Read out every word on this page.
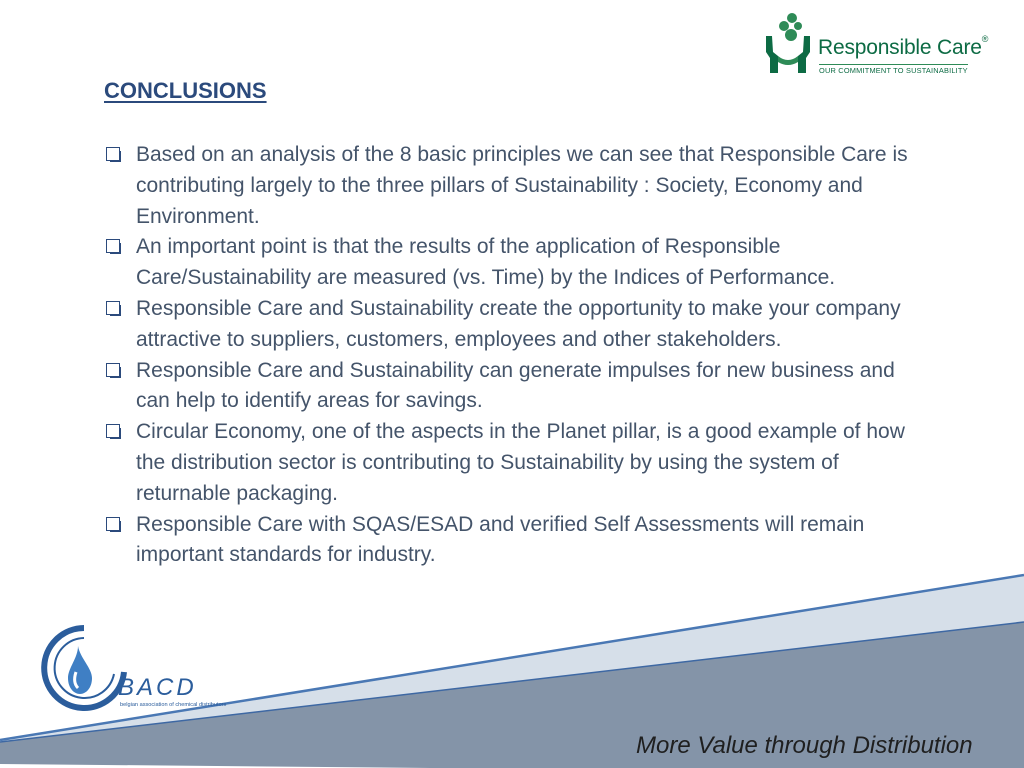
Responsible Care®
OUR COMMITMENT TO SUSTAINABILITY
CONCLUSIONS
Based on an analysis of the 8 basic principles we can see that Responsible Care is contributing largely to the three pillars of Sustainability : Society, Economy and Environment.
An important point is that the results of the application of Responsible Care/Sustainability are measured (vs. Time) by the Indices of Performance.
Responsible Care and Sustainability create the opportunity to make your company attractive to suppliers, customers, employees and other stakeholders.
Responsible Care and Sustainability can generate impulses for new business and can help to identify areas for savings.
Circular Economy, one of the aspects in the Planet pillar, is a good example of how the distribution sector is contributing to Sustainability by using the system of returnable packaging.
Responsible Care with SQAS/ESAD and verified Self Assessments will remain important standards for industry.
BACD
belgian association of chemical distributors
More Value through Distribution
